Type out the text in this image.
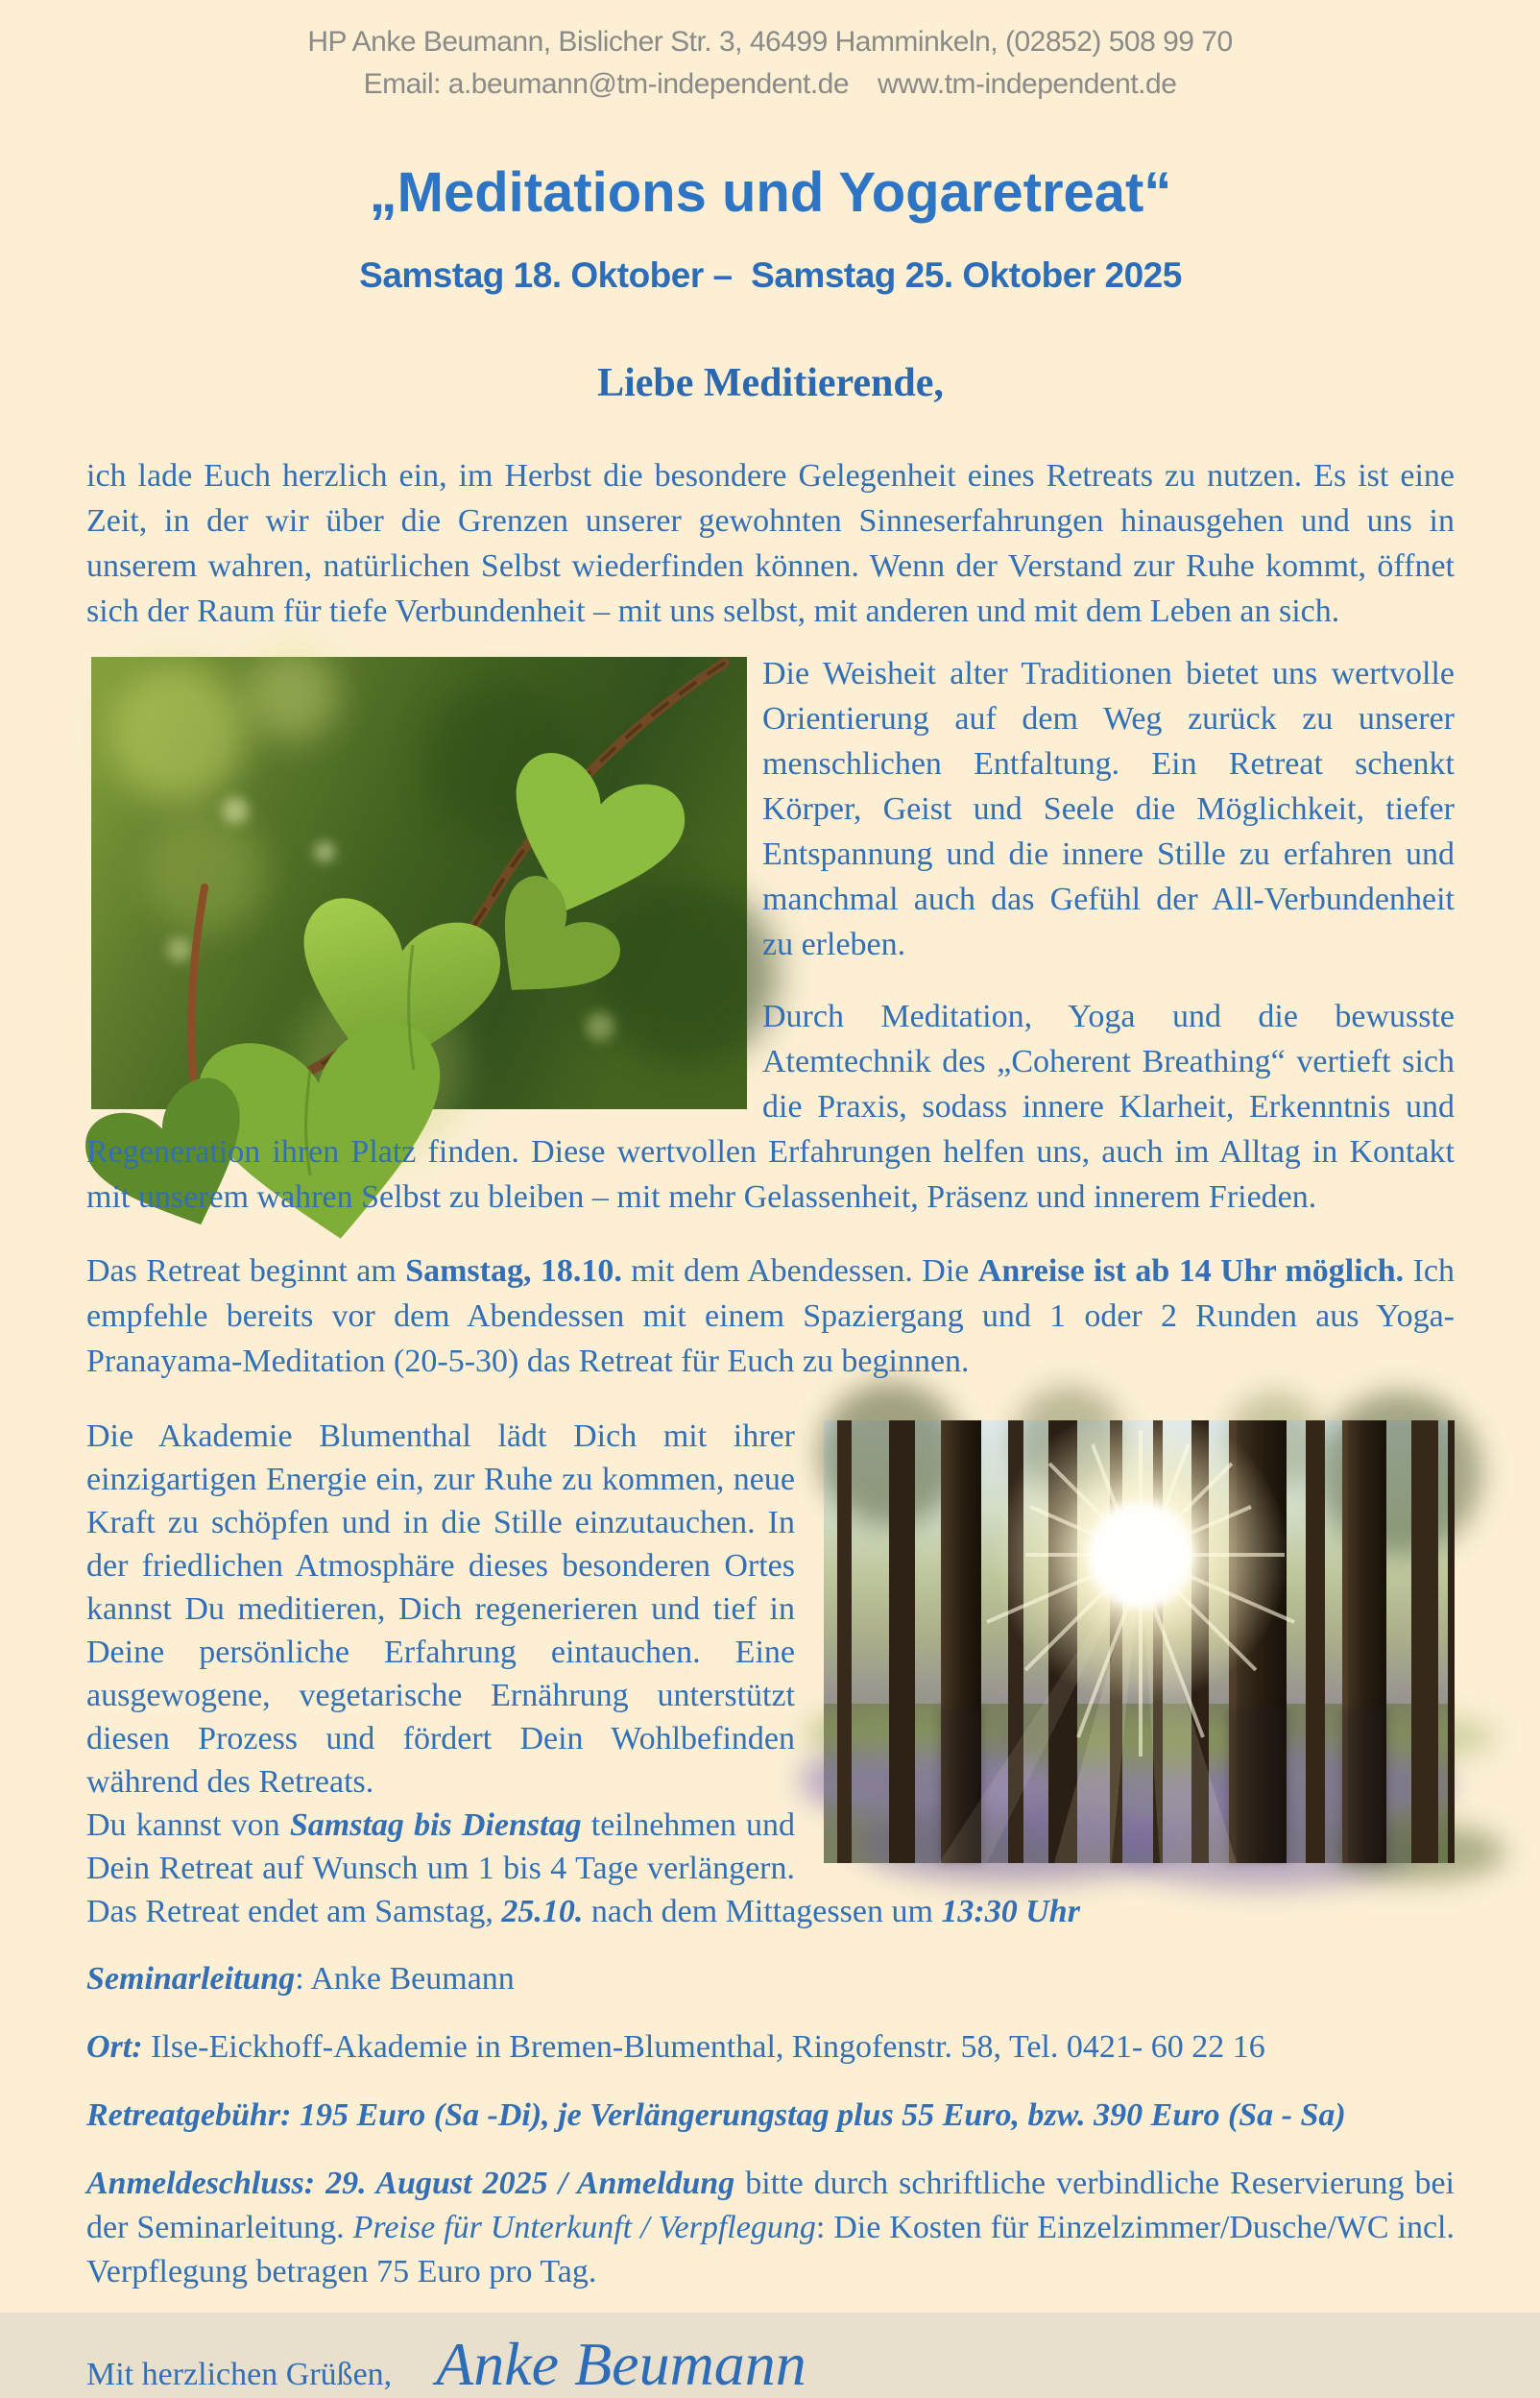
HP Anke Beumann, Bislicher Str. 3, 46499 Hamminkeln, (02852) 508 99 70
Email: a.beumann@tm-independent.de www.tm-independent.de
„Meditations und Yogaretreat“
Samstag 18. Oktober –  Samstag 25. Oktober 2025
Liebe Meditierende,

ich lade Euch herzlich ein, im Herbst die besondere Gelegenheit eines Retreats zu nutzen. Es ist eine Zeit, in der wir über die Grenzen unserer gewohnten Sinneserfahrungen hinausgehen und uns in unserem wahren, natürlichen Selbst wiederfinden können. Wenn der Verstand zur Ruhe kommt, öffnet sich der Raum für tiefe Verbundenheit – mit uns selbst, mit anderen und mit dem Leben an sich.

Die Weisheit alter Traditionen bietet uns wertvolle Orientierung auf dem Weg zurück zu unserer menschlichen Entfaltung. Ein Retreat schenkt Körper, Geist und Seele die Möglichkeit, tiefer Entspannung und die innere Stille zu erfahren und manchmal auch das Gefühl der All-Verbundenheit zu erleben.

Durch Meditation, Yoga und die bewusste Atemtechnik des „Coherent Breathing“ vertieft sich die Praxis, sodass innere Klarheit, Erkenntnis und Regeneration ihren Platz finden. Diese wertvollen Erfahrungen helfen uns, auch im Alltag in Kontakt mit unserem wahren Selbst zu bleiben – mit mehr Gelassenheit, Präsenz und innerem Frieden.

Das Retreat beginnt am Samstag, 18.10. mit dem Abendessen. Die Anreise ist ab 14 Uhr möglich. Ich empfehle bereits vor dem Abendessen mit einem Spaziergang und 1 oder 2 Runden aus Yoga-Pranayama-Meditation (20-5-30) das Retreat für Euch zu beginnen.

Die Akademie Blumenthal lädt Dich mit ihrer einzigartigen Energie ein, zur Ruhe zu kommen, neue Kraft zu schöpfen und in die Stille einzutauchen. In der friedlichen Atmosphäre dieses besonderen Ortes kannst Du meditieren, Dich regenerieren und tief in Deine persönliche Erfahrung eintauchen. Eine ausgewogene, vegetarische Ernährung unterstützt diesen Prozess und fördert Dein Wohlbefinden während des Retreats.
Du kannst von Samstag bis Dienstag teilnehmen und Dein Retreat auf Wunsch um 1 bis 4 Tage verlängern. Das Retreat endet am Samstag, 25.10. nach dem Mittagessen um 13:30 Uhr

Seminarleitung: Anke Beumann

Ort: Ilse-Eickhoff-Akademie in Bremen-Blumenthal, Ringofenstr. 58, Tel. 0421- 60 22 16

Retreatgebühr: 195 Euro (Sa -Di), je Verlängerungstag plus 55 Euro, bzw. 390 Euro (Sa - Sa)

Anmeldeschluss: 29. August 2025 / Anmeldung bitte durch schriftliche verbindliche Reservierung bei der Seminarleitung. Preise für Unterkunft / Verpflegung: Die Kosten für Einzelzimmer/Dusche/WC incl. Verpflegung betragen 75 Euro pro Tag.

Mit herzlichen Grüßen, Anke Beumann
